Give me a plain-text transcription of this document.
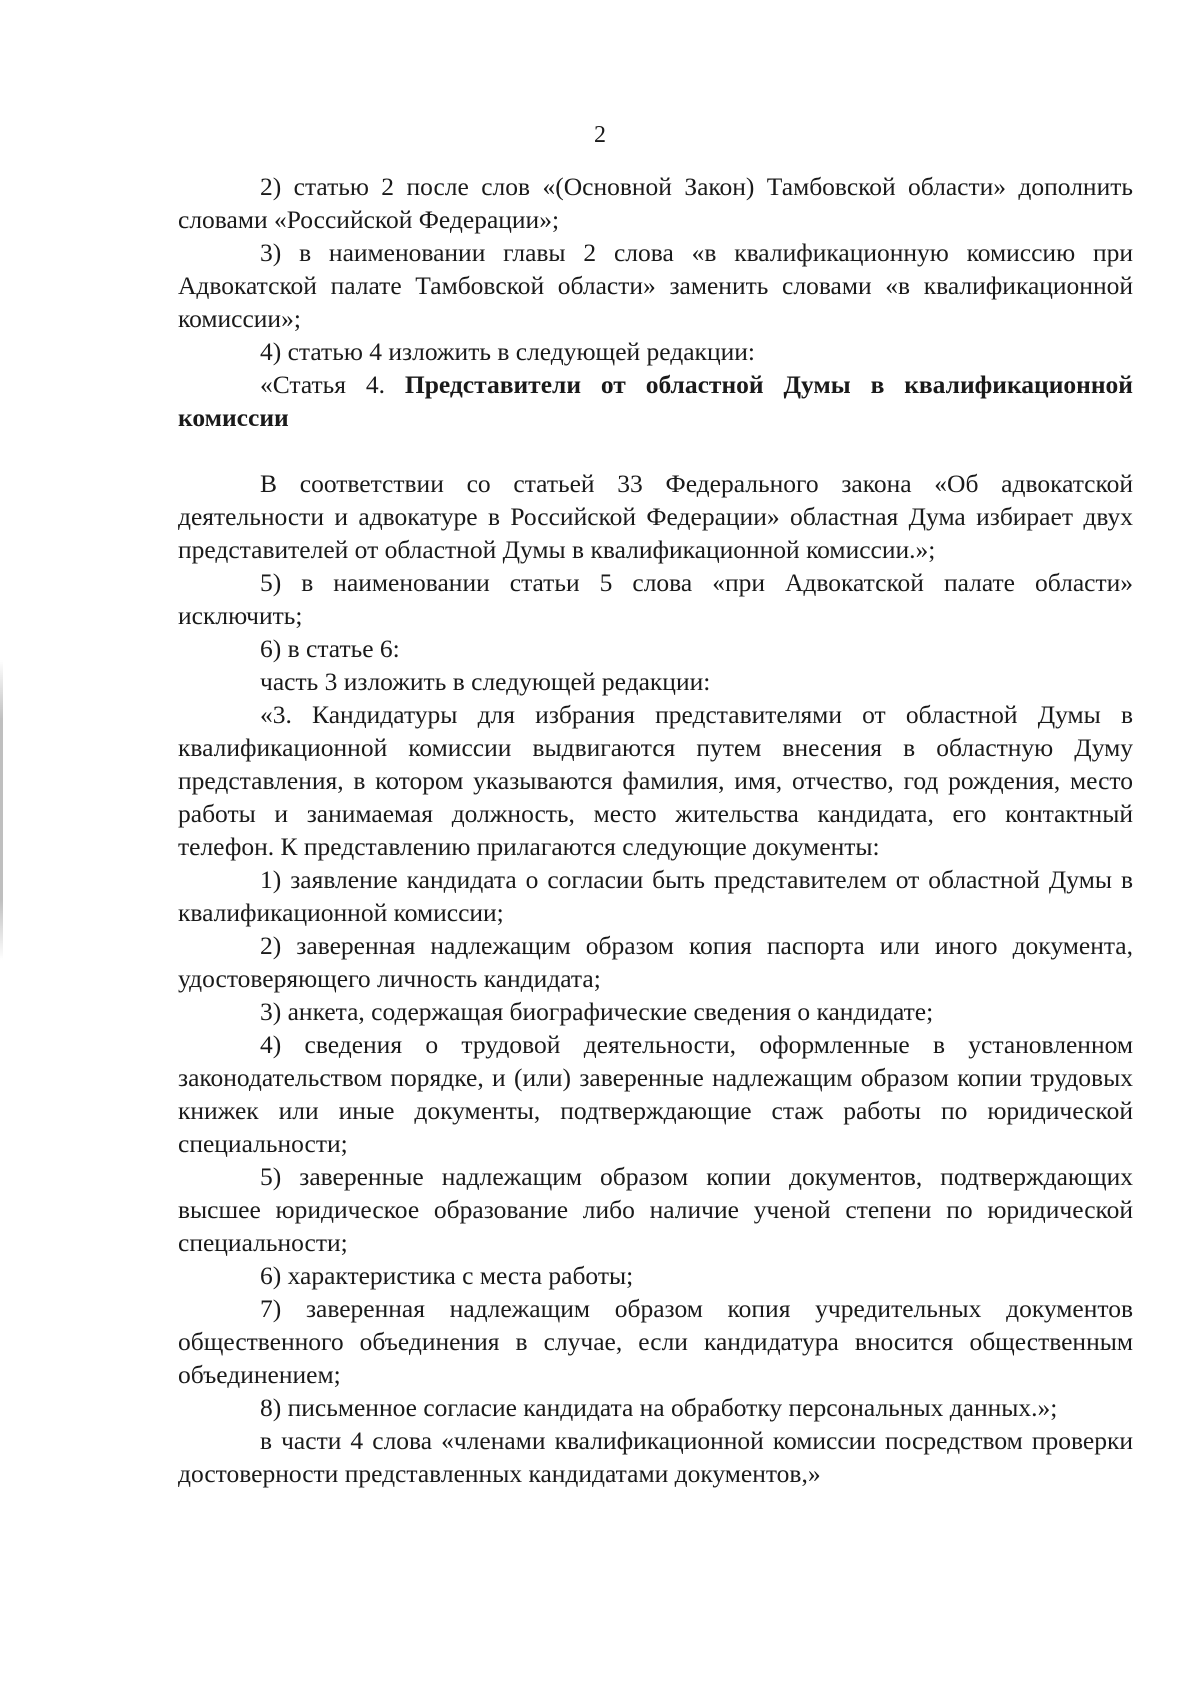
2

2) статью 2 после слов «(Основной Закон) Тамбовской области» дополнить словами «Российской Федерации»;

3) в наименовании главы 2 слова «в квалификационную комиссию при Адвокатской палате Тамбовской области» заменить словами «в квалификационной комиссии»;

4) статью 4 изложить в следующей редакции:

«Статья 4. Представители от областной Думы в квалификационной комиссии

В соответствии со статьей 33 Федерального закона «Об адвокатской деятельности и адвокатуре в Российской Федерации» областная Дума избирает двух представителей от областной Думы в квалификационной комиссии.»;

5) в наименовании статьи 5 слова «при Адвокатской палате области» исключить;

6) в статье 6:

часть 3 изложить в следующей редакции:

«3. Кандидатуры для избрания представителями от областной Думы в квалификационной комиссии выдвигаются путем внесения в областную Думу представления, в котором указываются фамилия, имя, отчество, год рождения, место работы и занимаемая должность, место жительства кандидата, его контактный телефон. К представлению прилагаются следующие документы:

1) заявление кандидата о согласии быть представителем от областной Думы в квалификационной комиссии;

2) заверенная надлежащим образом копия паспорта или иного документа, удостоверяющего личность кандидата;

3) анкета, содержащая биографические сведения о кандидате;

4) сведения о трудовой деятельности, оформленные в установленном законодательством порядке, и (или) заверенные надлежащим образом копии трудовых книжек или иные документы, подтверждающие стаж работы по юридической специальности;

5) заверенные надлежащим образом копии документов, подтверждающих высшее юридическое образование либо наличие ученой степени по юридической специальности;

6) характеристика с места работы;

7) заверенная надлежащим образом копия учредительных документов общественного объединения в случае, если кандидатура вносится общественным объединением;

8) письменное согласие кандидата на обработку персональных данных.»;

в части 4 слова «членами квалификационной комиссии посредством проверки достоверности представленных кандидатами документов,»
